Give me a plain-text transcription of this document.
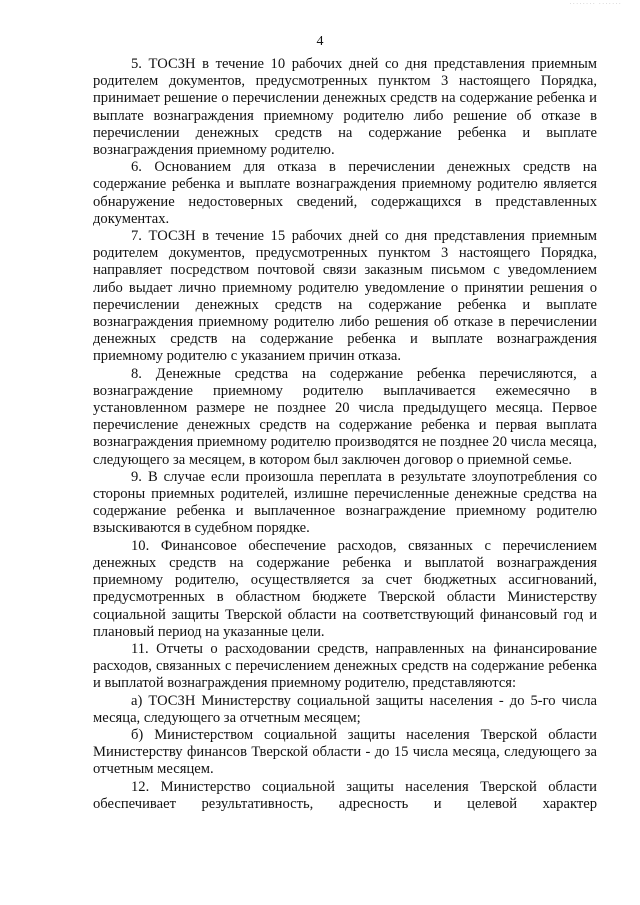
········ ·······
4

5. ТОСЗН в течение 10 рабочих дней со дня представления приемным родителем документов, предусмотренных пунктом 3 настоящего Порядка, принимает решение о перечислении денежных средств на содержание ребенка и выплате вознаграждения приемному родителю либо решение об отказе в перечислении денежных средств на содержание ребенка и выплате вознаграждения приемному родителю.

6. Основанием для отказа в перечислении денежных средств на содержание ребенка и выплате вознаграждения приемному родителю является обнаружение недостоверных сведений, содержащихся в представленных документах.

7. ТОСЗН в течение 15 рабочих дней со дня представления приемным родителем документов, предусмотренных пунктом 3 настоящего Порядка, направляет посредством почтовой связи заказным письмом с уведомлением либо выдает лично приемному родителю уведомление о принятии решения о перечислении денежных средств на содержание ребенка и выплате вознаграждения приемному родителю либо решения об отказе в перечислении денежных средств на содержание ребенка и выплате вознаграждения приемному родителю с указанием причин отказа.

8. Денежные средства на содержание ребенка перечисляются, а вознаграждение приемному родителю выплачивается ежемесячно в установленном размере не позднее 20 числа предыдущего месяца. Первое перечисление денежных средств на содержание ребенка и первая выплата вознаграждения приемному родителю производятся не позднее 20 числа месяца, следующего за месяцем, в котором был заключен договор о приемной семье.

9. В случае если произошла переплата в результате злоупотребления со стороны приемных родителей, излишне перечисленные денежные средства на содержание ребенка и выплаченное вознаграждение приемному родителю взыскиваются в судебном порядке.

10. Финансовое обеспечение расходов, связанных с перечислением денежных средств на содержание ребенка и выплатой вознаграждения приемному родителю, осуществляется за счет бюджетных ассигнований, предусмотренных в областном бюджете Тверской области Министерству социальной защиты Тверской области на соответствующий финансовый год и плановый период на указанные цели.

11. Отчеты о расходовании средств, направленных на финансирование расходов, связанных с перечислением денежных средств на содержание ребенка и выплатой вознаграждения приемному родителю, представляются:

а) ТОСЗН Министерству социальной защиты населения - до 5-го числа месяца, следующего за отчетным месяцем;

б) Министерством социальной защиты населения Тверской области Министерству финансов Тверской области - до 15 числа месяца, следующего за отчетным месяцем.

12. Министерство социальной защиты населения Тверской области обеспечивает результативность, адресность и целевой характер
